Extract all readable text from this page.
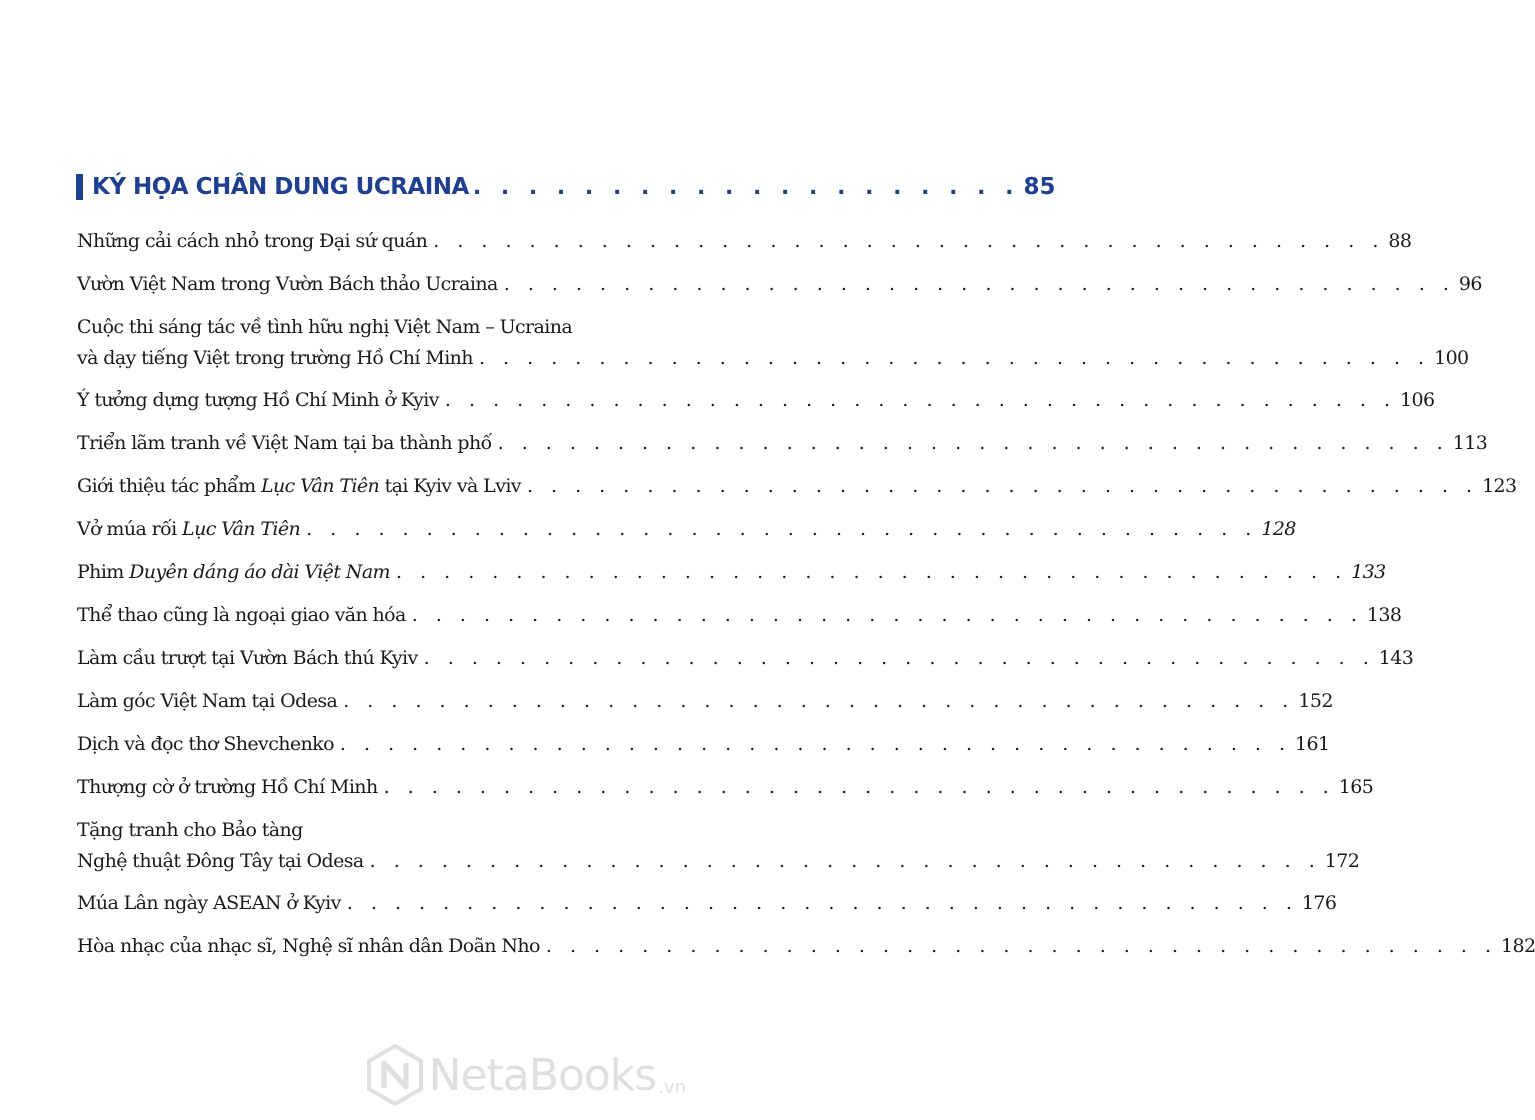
KÝ HỌA CHÂN DUNG UCRAINA . . . . . . . . . . . . . . . . . . . . 85
Những cải cách nhỏ trong Đại sứ quán . . . . . . . . . . . . . . . . . . . . . . . . . . . . . . . . . . . . . . . . 88
Vườn Việt Nam trong Vườn Bách thảo Ucraina . . . . . . . . . . . . . . . . . . . . . . . . . . . . . . . . . . . . . . . . 96
Cuộc thi sáng tác về tình hữu nghị Việt Nam – Ucraina
và dạy tiếng Việt trong trường Hồ Chí Minh . . . . . . . . . . . . . . . . . . . . . . . . . . . . . . . . . . . . . . . . 100
Ý tưởng dựng tượng Hồ Chí Minh ở Kyiv . . . . . . . . . . . . . . . . . . . . . . . . . . . . . . . . . . . . . . . . 106
Triển lãm tranh về Việt Nam tại ba thành phố . . . . . . . . . . . . . . . . . . . . . . . . . . . . . . . . . . . . . . . . 113
Giới thiệu tác phẩm Lục Vân Tiên tại Kyiv và Lviv . . . . . . . . . . . . . . . . . . . . . . . . . . . . . . . . . . . . . . . . 123
Vở múa rối Lục Vân Tiên . . . . . . . . . . . . . . . . . . . . . . . . . . . . . . . . . . . . . . . . 128
Phim Duyên dáng áo dài Việt Nam . . . . . . . . . . . . . . . . . . . . . . . . . . . . . . . . . . . . . . . . 133
Thể thao cũng là ngoại giao văn hóa . . . . . . . . . . . . . . . . . . . . . . . . . . . . . . . . . . . . . . . . 138
Làm cầu trượt tại Vườn Bách thú Kyiv . . . . . . . . . . . . . . . . . . . . . . . . . . . . . . . . . . . . . . . . 143
Làm góc Việt Nam tại Odesa . . . . . . . . . . . . . . . . . . . . . . . . . . . . . . . . . . . . . . . . 152
Dịch và đọc thơ Shevchenko . . . . . . . . . . . . . . . . . . . . . . . . . . . . . . . . . . . . . . . . 161
Thượng cờ ở trường Hồ Chí Minh . . . . . . . . . . . . . . . . . . . . . . . . . . . . . . . . . . . . . . . . 165
Tặng tranh cho Bảo tàng
Nghệ thuật Đông Tây tại Odesa . . . . . . . . . . . . . . . . . . . . . . . . . . . . . . . . . . . . . . . . 172
Múa Lân ngày ASEAN ở Kyiv . . . . . . . . . . . . . . . . . . . . . . . . . . . . . . . . . . . . . . . . 176
Hòa nhạc của nhạc sĩ, Nghệ sĩ nhân dân Doãn Nho . . . . . . . . . . . . . . . . . . . . . . . . . . . . . . . . . . . . . . . . 182
NetaBooks .vn
